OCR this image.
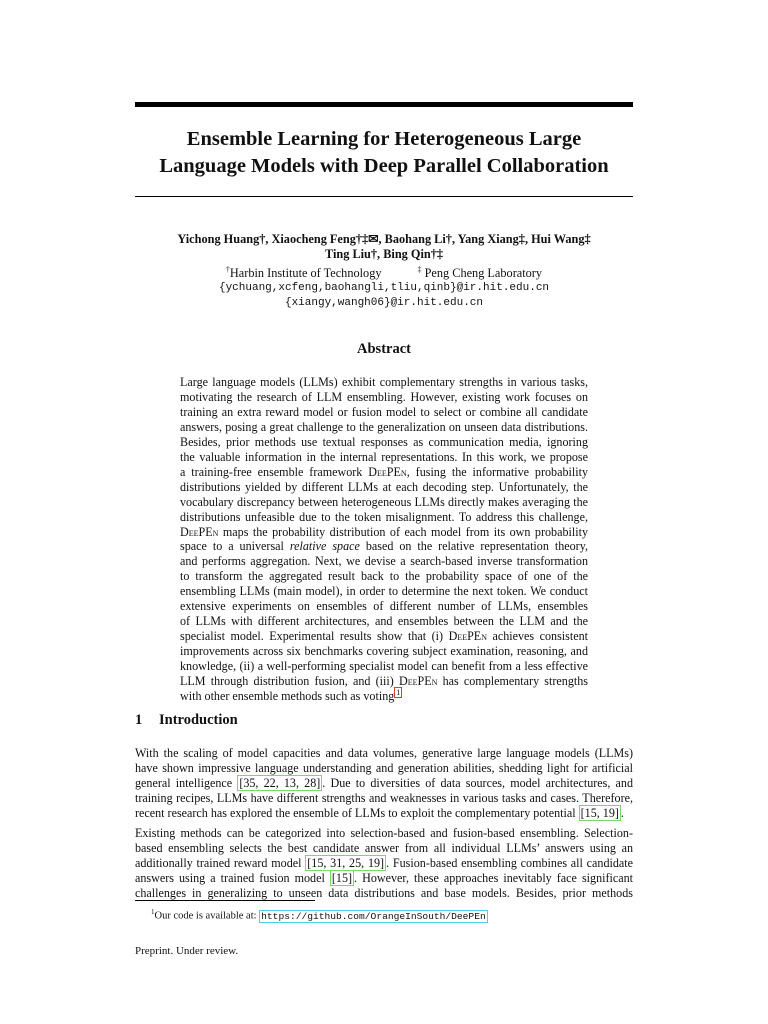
Ensemble Learning for Heterogeneous Large
Language Models with Deep Parallel Collaboration
Yichong Huang†, Xiaocheng Feng†‡✉, Baohang Li†, Yang Xiang‡, Hui Wang‡
Ting Liu†, Bing Qin†‡
†Harbin Institute of Technology	‡ Peng Cheng Laboratory
{ychuang,xcfeng,baohangli,tliu,qinb}@ir.hit.edu.cn
{xiangy,wangh06}@ir.hit.edu.cn
Abstract
Large language models (LLMs) exhibit complementary strengths in various tasks,
motivating the research of LLM ensembling. However, existing work focuses on
training an extra reward model or fusion model to select or combine all candidate
answers, posing a great challenge to the generalization on unseen data distributions.
Besides, prior methods use textual responses as communication media, ignoring
the valuable information in the internal representations. In this work, we propose
a training-free ensemble framework DeePEn, fusing the informative probability
distributions yielded by different LLMs at each decoding step. Unfortunately, the
vocabulary discrepancy between heterogeneous LLMs directly makes averaging the
distributions unfeasible due to the token misalignment. To address this challenge,
DeePEn maps the probability distribution of each model from its own probability
space to a universal relative space based on the relative representation theory,
and performs aggregation. Next, we devise a search-based inverse transformation
to transform the aggregated result back to the probability space of one of the
ensembling LLMs (main model), in order to determine the next token. We conduct
extensive experiments on ensembles of different number of LLMs, ensembles
of LLMs with different architectures, and ensembles between the LLM and the
specialist model. Experimental results show that (i) DeePEn achieves consistent
improvements across six benchmarks covering subject examination, reasoning, and
knowledge, (ii) a well-performing specialist model can benefit from a less effective
LLM through distribution fusion, and (iii) DeePEn has complementary strengths
with other ensemble methods such as voting $^1$
1 Introduction
With the scaling of model capacities and data volumes, generative large language models (LLMs)
have shown impressive language understanding and generation abilities, shedding light for artificial
general intelligence [35, 22, 13, 28] . Due to diversities of data sources, model architectures, and
training recipes, LLMs have different strengths and weaknesses in various tasks and cases. Therefore,
recent research has explored the ensemble of LLMs to exploit the complementary potential [15, 19] .
Existing methods can be categorized into selection-based and fusion-based ensembling. Selection-
based ensembling selects the best candidate answer from all individual LLMs’ answers using an
additionally trained reward model [15, 31, 25, 19] . Fusion-based ensembling combines all candidate
answers using a trained fusion model [15] . However, these approaches inevitably face significant
challenges in generalizing to unseen data distributions and base models. Besides, prior methods
$^1$Our code is available at: https://github.com/OrangeInSouth/DeePEn
Preprint. Under review.
